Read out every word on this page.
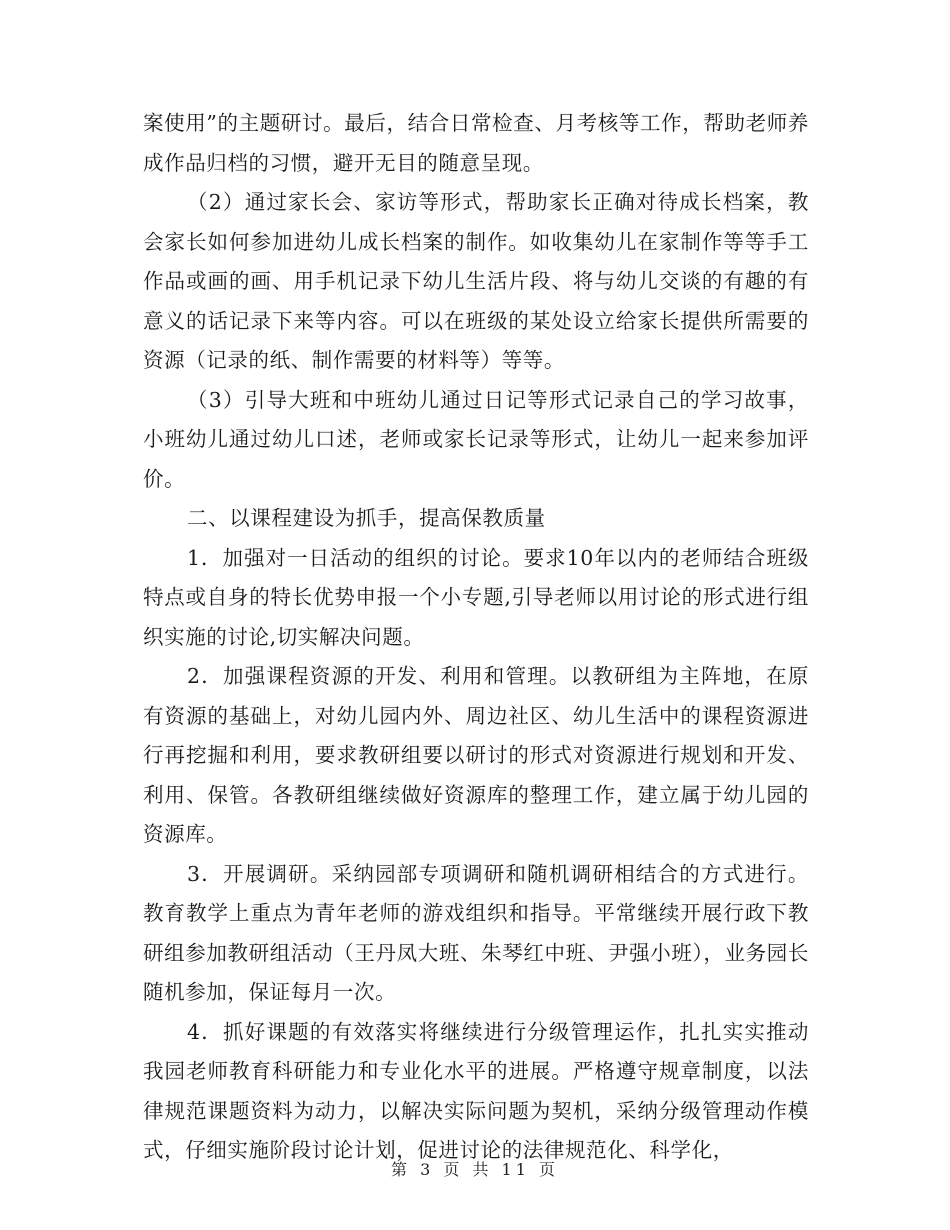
案使用”的主题研讨。最后，结合日常检查、月考核等工作，帮助老师养成作品归档的习惯，避开无目的随意呈现。

（2）通过家长会、家访等形式，帮助家长正确对待成长档案，教会家长如何参加进幼儿成长档案的制作。如收集幼儿在家制作等等手工作品或画的画、用手机记录下幼儿生活片段、将与幼儿交谈的有趣的有意义的话记录下来等内容。可以在班级的某处设立给家长提供所需要的资源（记录的纸、制作需要的材料等）等等。

（3）引导大班和中班幼儿通过日记等形式记录自己的学习故事，小班幼儿通过幼儿口述，老师或家长记录等形式，让幼儿一起来参加评价。

二、以课程建设为抓手，提高保教质量

1．加强对一日活动的组织的讨论。要求10年以内的老师结合班级特点或自身的特长优势申报一个小专题,引导老师以用讨论的形式进行组织实施的讨论,切实解决问题。

2．加强课程资源的开发、利用和管理。以教研组为主阵地，在原有资源的基础上，对幼儿园内外、周边社区、幼儿生活中的课程资源进行再挖掘和利用，要求教研组要以研讨的形式对资源进行规划和开发、利用、保管。各教研组继续做好资源库的整理工作，建立属于幼儿园的资源库。

3．开展调研。采纳园部专项调研和随机调研相结合的方式进行。教育教学上重点为青年老师的游戏组织和指导。平常继续开展行政下教研组参加教研组活动（王丹凤大班、朱琴红中班、尹强小班），业务园长随机参加，保证每月一次。

4．抓好课题的有效落实将继续进行分级管理运作，扎扎实实推动我园老师教育科研能力和专业化水平的进展。严格遵守规章制度，以法律规范课题资料为动力，以解决实际问题为契机，采纳分级管理动作模式，仔细实施阶段讨论计划，促进讨论的法律规范化、科学化，

第 3 页 共 11 页
